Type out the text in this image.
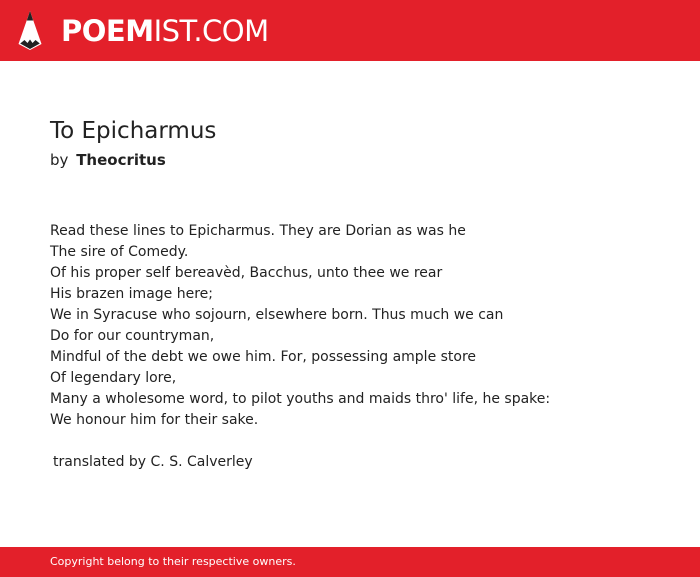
POEMIST.COM
To Epicharmus
by Theocritus
Read these lines to Epicharmus. They are Dorian as was he
The sire of Comedy.
Of his proper self bereavèd, Bacchus, unto thee we rear
His brazen image here;
We in Syracuse who sojourn, elsewhere born. Thus much we can
Do for our countryman,
Mindful of the debt we owe him. For, possessing ample store
Of legendary lore,
Many a wholesome word, to pilot youths and maids thro' life, he spake:
We honour him for their sake.
translated by C. S. Calverley
Copyright belong to their respective owners.
